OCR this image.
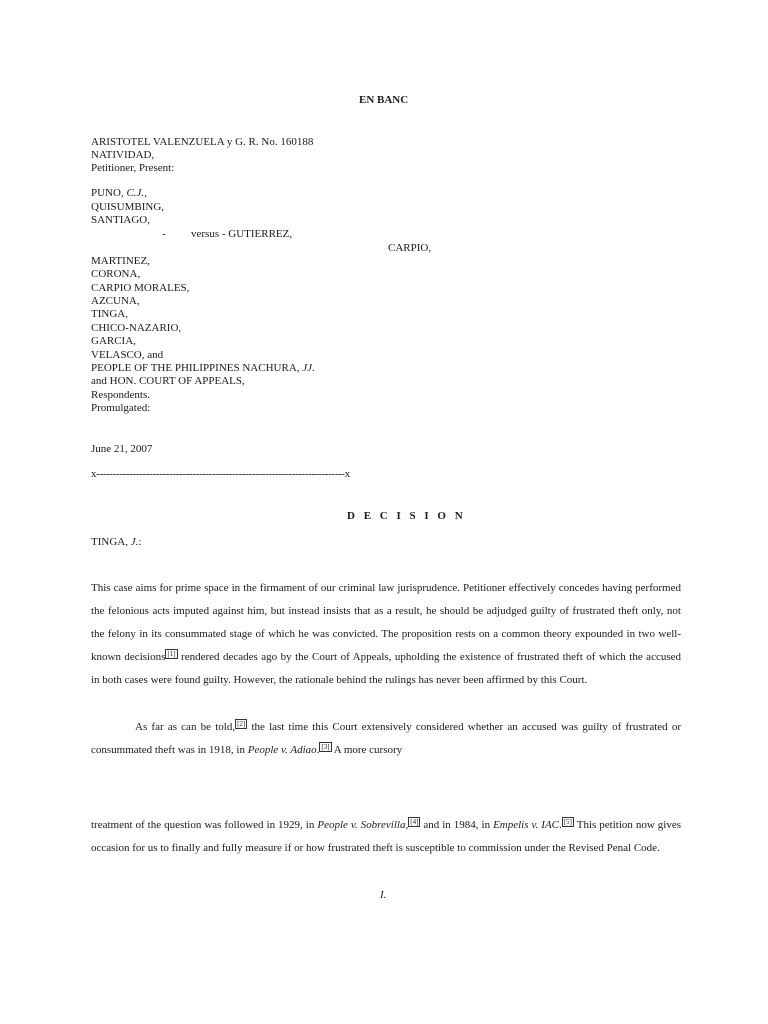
EN BANC
ARISTOTEL VALENZUELA y G. R. No. 160188
NATIVIDAD,
Petitioner, Present:
PUNO, C.J.,
QUISUMBING,
SANTIAGO,
- versus - GUTIERREZ,
CARPIO,
MARTINEZ,
CORONA,
CARPIO MORALES,
AZCUNA,
TINGA,
CHICO-NAZARIO,
GARCIA,
VELASCO, and
PEOPLE OF THE PHILIPPINES NACHURA, JJ.
and HON. COURT OF APPEALS,
Respondents.
Promulgated:
June 21, 2007
x---------------------------------------------------------------------------x
D E C I S I O N
TINGA, J.:
This case aims for prime space in the firmament of our criminal law jurisprudence. Petitioner effectively concedes having performed
the felonious acts imputed against him, but instead insists that as a result, he should be adjudged guilty of frustrated theft only, not
the felony in its consummated stage of which he was convicted. The proposition rests on a common theory expounded in two well-
known decisions [1] rendered decades ago by the Court of Appeals, upholding the existence of frustrated theft of which the accused
in both cases were found guilty. However, the rationale behind the rulings has never been affirmed by this Court.
As far as can be told, [2] the last time this Court extensively considered whether an accused was guilty of frustrated or
consummated theft was in 1918, in People v. Adiao. [3] A more cursory
treatment of the question was followed in 1929, in People v. Sobrevilla, [4] and in 1984, in Empelis v. IAC. [5] This petition now gives
occasion for us to finally and fully measure if or how frustrated theft is susceptible to commission under the Revised Penal Code.
I.
